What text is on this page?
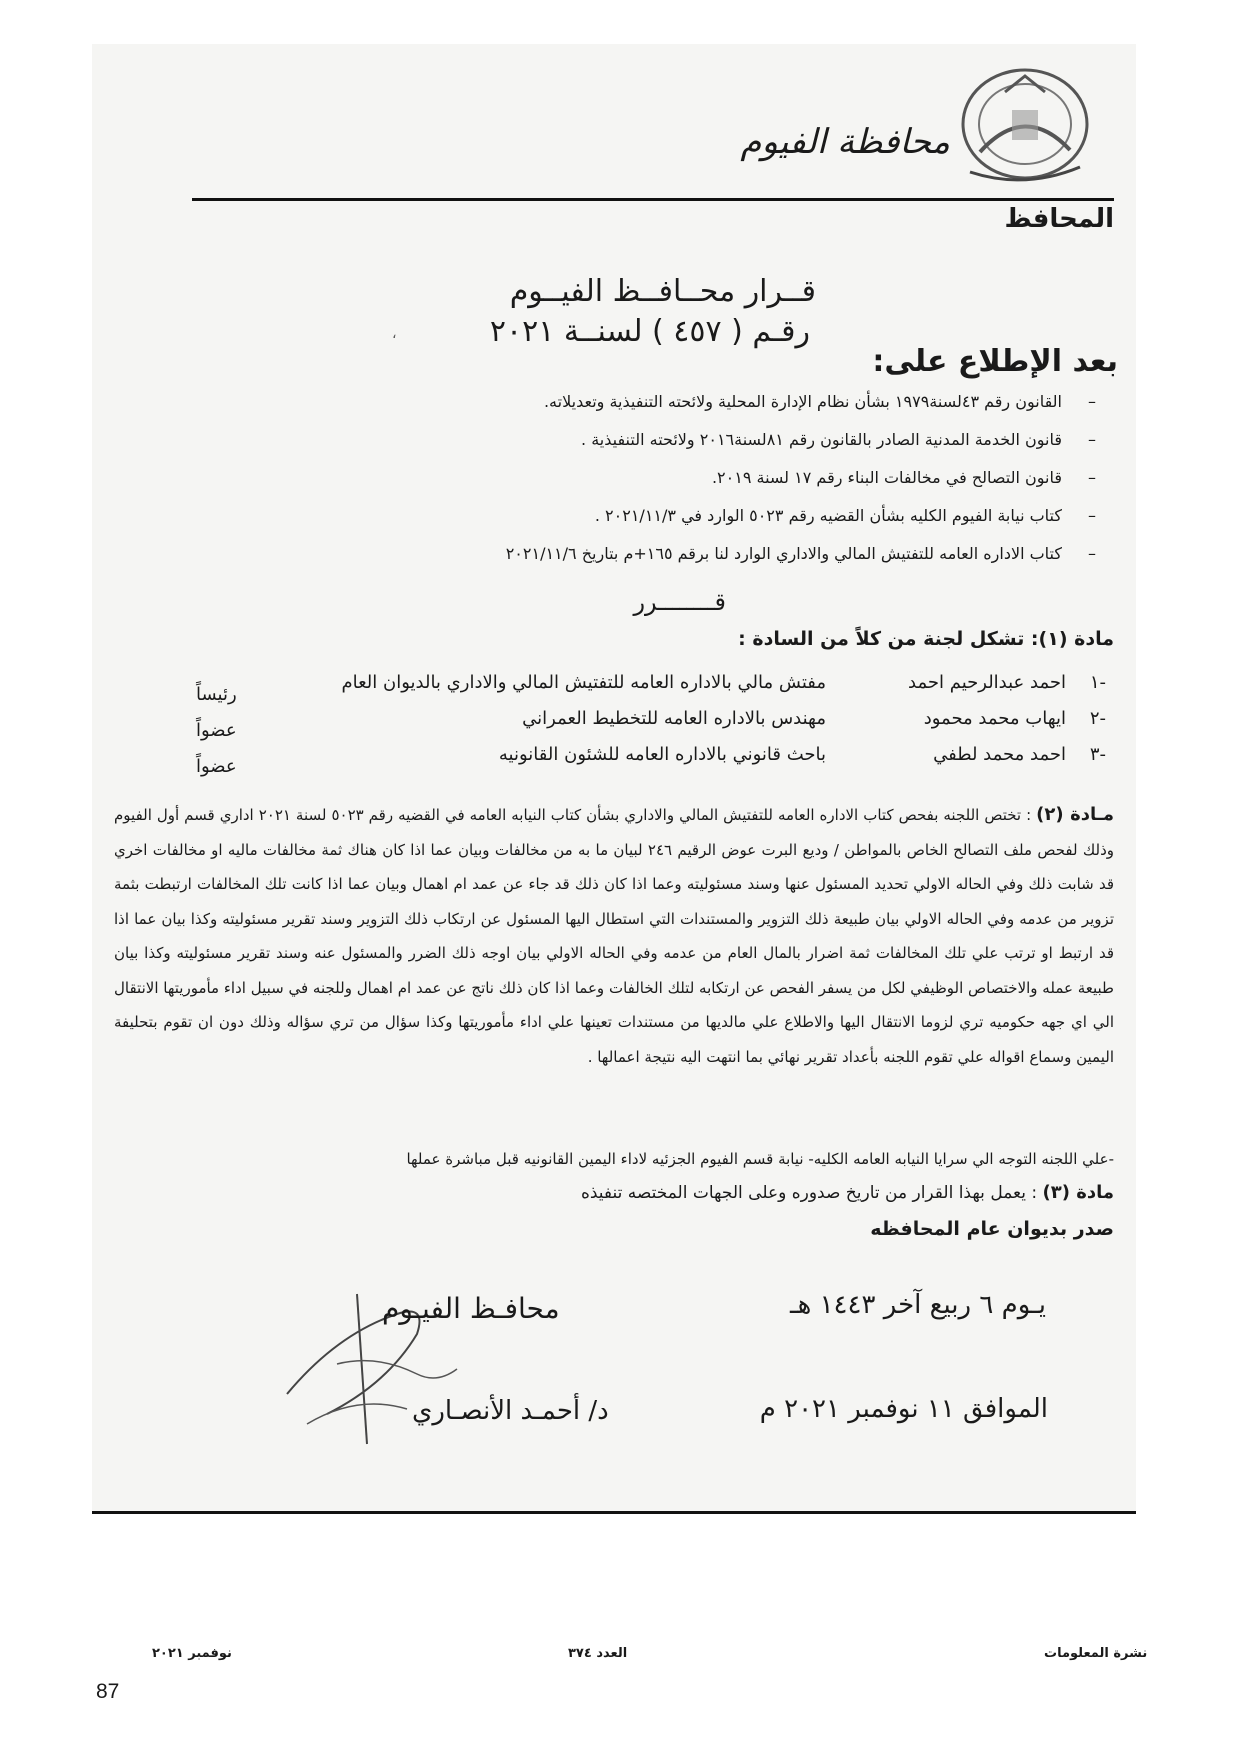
محافظة الفيوم
المحافظ
قــرار محــافــظ الفيــوم
رقـم ( ٤٥٧ ) لسنــة ٢٠٢١
،
بعد الإطلاع على:
–القانون رقم ٤٣لسنة١٩٧٩ بشأن نظام الإدارة المحلية ولائحته التنفيذية وتعديلاته.
–قانون الخدمة المدنية الصادر بالقانون رقم ٨١لسنة٢٠١٦ ولائحته التنفيذية .
–قانون التصالح في مخالفات البناء رقم ١٧ لسنة ٢٠١٩.
–كتاب نيابة الفيوم الكليه بشأن القضيه رقم ٥٠٢٣ الوارد في ٢٠٢١/١١/٣ .
–كتاب الاداره العامه للتفتيش المالي والاداري الوارد لنا برقم ١٦٥+م بتاريخ ٢٠٢١/١١/٦
قــــــــرر
مادة (١): تشكل لجنة من كلاً من السادة :
-١
احمد عبدالرحيم احمد
مفتش مالي بالاداره العامه للتفتيش المالي والاداري بالديوان العام
رئيساً
-٢
ايهاب محمد محمود
مهندس بالاداره العامه للتخطيط العمراني
عضواً
-٣
احمد محمد لطفي
باحث قانوني بالاداره العامه للشئون القانونيه
عضواً
مـادة (٢) : تختص اللجنه بفحص كتاب الاداره العامه للتفتيش المالي والاداري بشأن كتاب النيابه العامه في القضيه رقم ٥٠٢٣ لسنة ٢٠٢١ اداري قسم أول الفيوم وذلك لفحص ملف التصالح الخاص بالمواطن / وديع البرت عوض الرقيم ٢٤٦ لبيان ما به من مخالفات وبيان عما اذا كان هناك ثمة مخالفات ماليه او مخالفات اخري قد شابت ذلك وفي الحاله الاولي تحديد المسئول عنها وسند مسئوليته وعما اذا كان ذلك قد جاء عن عمد ام اهمال وبيان عما اذا كانت تلك المخالفات ارتبطت بثمة تزوير من عدمه وفي الحاله الاولي بيان طبيعة ذلك التزوير والمستندات التي استطال اليها المسئول عن ارتكاب ذلك التزوير وسند تقرير مسئوليته وكذا بيان عما اذا قد ارتبط او ترتب علي تلك المخالفات ثمة اضرار بالمال العام من عدمه وفي الحاله الاولي بيان اوجه ذلك الضرر والمسئول عنه وسند تقرير مسئوليته وكذا بيان طبيعة عمله والاختصاص الوظيفي لكل من يسفر الفحص عن ارتكابه لتلك الخالفات وعما اذا كان ذلك ناتج عن عمد ام اهمال وللجنه في سبيل اداء مأموريتها الانتقال الي اي جهه حكوميه تري لزوما الانتقال اليها والاطلاع علي مالديها من مستندات تعينها علي اداء مأموريتها وكذا سؤال من تري سؤاله وذلك دون ان تقوم بتحليفة اليمين وسماع اقواله علي تقوم اللجنه بأعداد تقرير نهائي بما انتهت اليه نتيجة اعمالها .
-علي اللجنه التوجه الي سرايا النيابه العامه الكليه- نيابة قسم الفيوم الجزئيه لاداء اليمين القانونيه قبل مباشرة عملها
مادة (٣) : يعمل بهذا القرار من تاريخ صدوره وعلى الجهات المختصه تنفيذه
صدر بديوان عام المحافظه
يـوم ٦ ربيع آخر ١٤٤٣ هـ
الموافق ١١ نوفمبر ٢٠٢١ م
محافـظ الفيـوم
د/ أحمـد الأنصـاري
نوفمبر ٢٠٢١	العدد ٣٧٤	نشرة المعلومات
87
